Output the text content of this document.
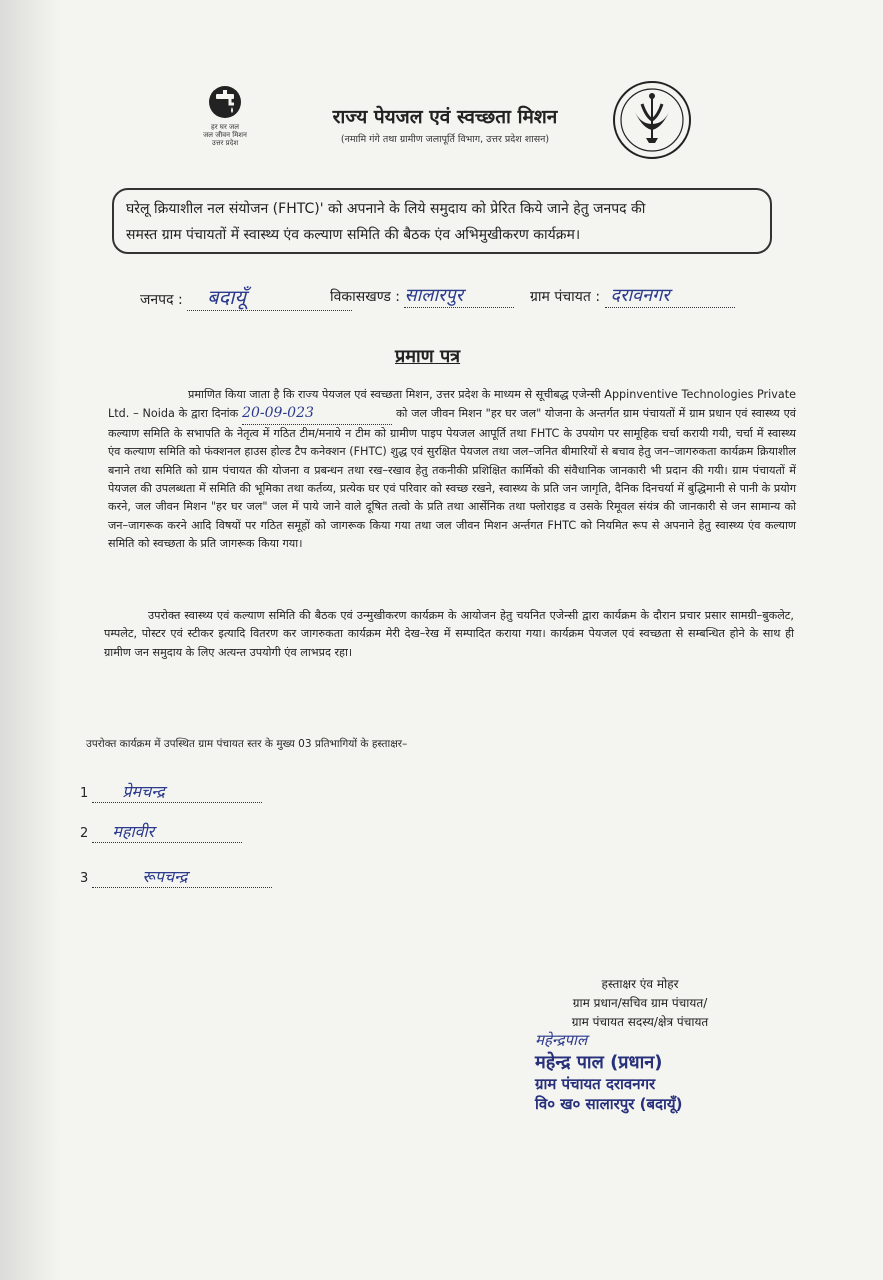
हर घर जल
जल जीवन मिशन
उत्तर प्रदेश
राज्य पेयजल एवं स्वच्छता मिशन
(नमामि गंगे तथा ग्रामीण जलापूर्ति विभाग, उत्तर प्रदेश शासन)
घरेलू क्रियाशील नल संयोजन (FHTC)' को अपनाने के लिये समुदाय को प्रेरित किये जाने हेतु जनपद की
समस्त ग्राम पंचायतों में स्वास्थ्य एंव कल्याण समिति की बैठक एंव अभिमुखीकरण कार्यक्रम।
जनपद : बदायूँ	विकासखण्ड : सालारपुर	ग्राम पंचायत : दरावनगर
प्रमाण पत्र
प्रमाणित किया जाता है कि राज्य पेयजल एवं स्वच्छता मिशन, उत्तर प्रदेश के माध्यम से सूचीबद्ध एजेन्सी Appinventive Technologies Private Ltd. – Noida के द्वारा दिनांक 20-09-023	को जल जीवन मिशन "हर घर जल" योजना के अन्तर्गत ग्राम पंचायतों में ग्राम प्रधान एवं स्वास्थ्य एवं कल्याण समिति के सभापति के नेतृत्व में गठित टीम/मनाये न टीम को ग्रामीण पाइप पेयजल आपूर्ति तथा FHTC के उपयोग पर सामूहिक चर्चा करायी गयी, चर्चा में स्वास्थ्य एंव कल्याण समिति को फंक्शनल हाउस होल्ड टैप कनेक्शन (FHTC) शुद्ध एवं सुरक्षित पेयजल तथा जल–जनित बीमारियों से बचाव हेतु जन–जागरुकता कार्यक्रम क्रियाशील बनाने तथा समिति को ग्राम पंचायत की योजना व प्रबन्धन तथा रख–रखाव हेतु तकनीकी प्रशिक्षित कार्मिको की संवैधानिक जानकारी भी प्रदान की गयी। ग्राम पंचायतों में पेयजल की उपलब्धता में समिति की भूमिका तथा कर्तव्य, प्रत्येक घर एवं परिवार को स्वच्छ रखने, स्वास्थ्य के प्रति जन जागृति, दैनिक दिनचर्या में बुद्धिमानी से पानी के प्रयोग करने, जल जीवन मिशन "हर घर जल" जल में पाये जाने वाले दूषित तत्वो के प्रति तथा आर्सेनिक तथा फ्लोराइड व उसके रिमूवल संयंत्र की जानकारी से जन सामान्य को जन–जागरूक करने आदि विषयों पर गठित समूहों को जागरूक किया गया तथा जल जीवन मिशन अर्न्तगत FHTC को नियमित रूप से अपनाने हेतु स्वास्थ्य एंव कल्याण समिति को स्वच्छता के प्रति जागरूक किया गया।
उपरोक्त स्वास्थ्य एवं कल्याण समिति की बैठक एवं उन्मुखीकरण कार्यक्रम के आयोजन हेतु चयनित एजेन्सी द्वारा कार्यक्रम के दौरान प्रचार प्रसार सामग्री–बुकलेट, पम्पलेट, पोस्टर एवं स्टीकर इत्यादि वितरण कर जागरुकता कार्यक्रम मेरी देख–रेख में सम्पादित कराया गया। कार्यक्रम पेयजल एवं स्वच्छता से सम्बन्धित होने के साथ ही ग्रामीण जन समुदाय के लिए अत्यन्त उपयोगी एंव लाभप्रद रहा।
उपरोक्त कार्यक्रम में उपस्थित ग्राम पंचायत स्तर के मुख्य 03 प्रतिभागियों के हस्ताक्षर–
1 प्रेमचन्द्र
2 महावीर
3	रूपचन्द्र
हस्ताक्षर एंव मोहर
ग्राम प्रधान/सचिव ग्राम पंचायत/
ग्राम पंचायत सदस्य/क्षेत्र पंचायत
महेन्द्रपाल
महेन्द्र पाल (प्रधान)
ग्राम पंचायत दरावनगर
वि० ख० सालारपुर (बदायूँ)
